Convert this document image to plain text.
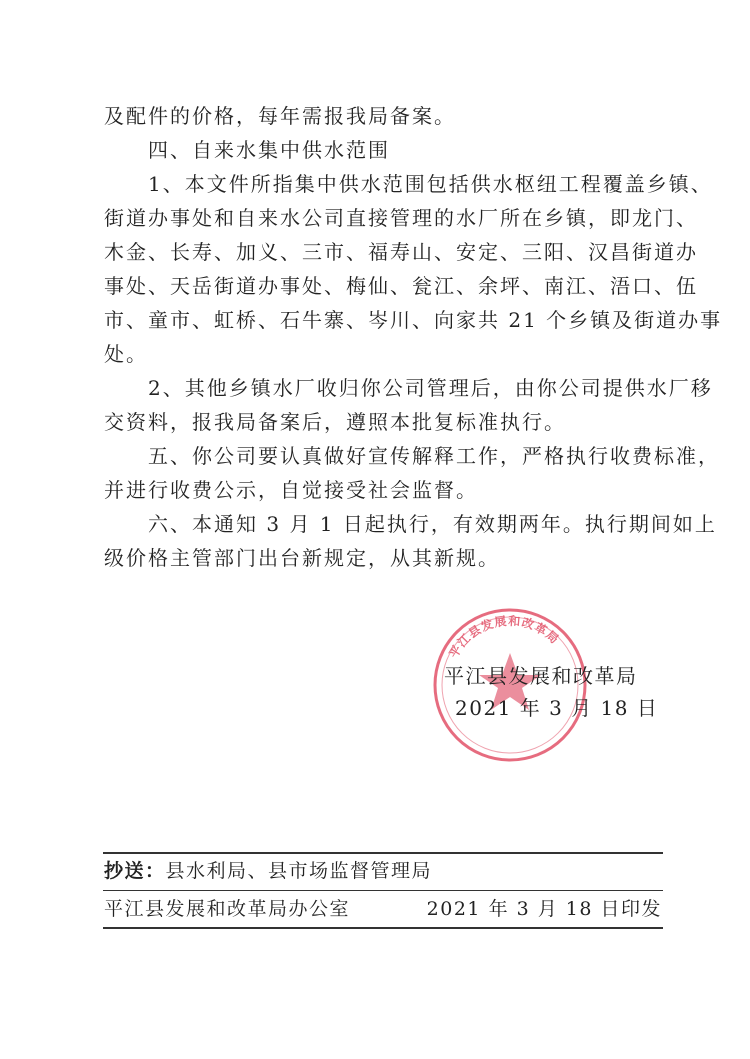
及配件的价格，每年需报我局备案。
四、自来水集中供水范围
1、本文件所指集中供水范围包括供水枢纽工程覆盖乡镇、
街道办事处和自来水公司直接管理的水厂所在乡镇，即龙门、
木金、长寿、加义、三市、福寿山、安定、三阳、汉昌街道办
事处、天岳街道办事处、梅仙、瓮江、余坪、南江、浯口、伍
市、童市、虹桥、石牛寨、岑川、向家共 21 个乡镇及街道办事
处。
2、其他乡镇水厂收归你公司管理后，由你公司提供水厂移
交资料，报我局备案后，遵照本批复标准执行。
五、你公司要认真做好宣传解释工作，严格执行收费标准，
并进行收费公示，自觉接受社会监督。
六、本通知 3 月 1 日起执行，有效期两年。执行期间如上
级价格主管部门出台新规定，从其新规。
平江县发展和改革局
平江县发展和改革局
2021 年 3 月 18 日
抄送：县水利局、县市场监督管理局
平江县发展和改革局办公室	2021 年 3 月 18 日印发
